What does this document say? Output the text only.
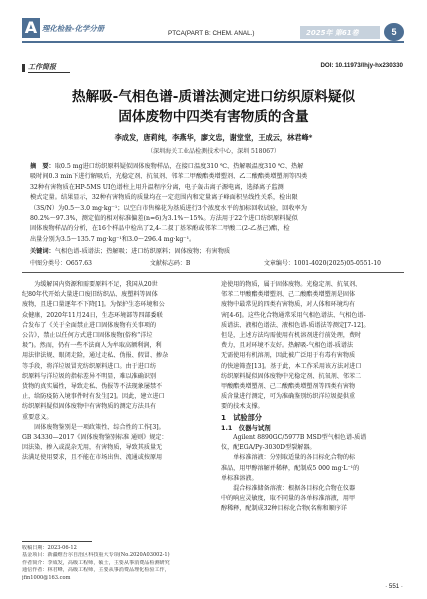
A 理化检验-化学分册
PTCA(PART B: CHEM. ANAL.)	2025年 第61卷	5
工作简报	DOI: 10.11973/lhjy-hx230330
热解吸-气相色谱-质谱法测定进口纺织原料疑似
固体废物中四类有害物质的含量
李成发，唐莉纯，李燕华，廖文忠，谢堂堂，王成云，林君峰*
（深圳海关工业品检测技术中心，深圳 518067）
摘　要：取0.5 mg进口纺织原料疑似固体废物样品，在接口温度310 ℃、热解吸温度310 ℃、热解
吸时间0.3 min下进行解吸后，光稳定剂、抗氧剂、邻苯二甲酸酯类增塑剂、乙二酸酯类增塑剂等四类
32种有害物质在HP-5MS UI色谱柱上用升温程序分离，电子轰击离子源电离，选择离子监测
模式定量。结果显示，32种有害物质的质量均在一定范围内和定量离子峰面积呈线性关系，检出限
（3S/N）为0.5～3.0 mg·kg⁻¹；以空白市售棉花为基质进行3个浓度水平的加标回收试验，回收率为
80.2%～97.3%，测定值的相对标准偏差(n=6)为3.1%～15%。方法用于22个进口纺织原料疑似
固体废物样品的分析，在16个样品中检出了2,4-二叔丁基苯酚或邻苯二甲酸二(2-乙基己)酯，检
出量分别为3.5～135.7 mg·kg⁻¹和3.0～296.4 mg·kg⁻¹。
关键词：气相色谱-质谱法；热解吸；进口纺织原料；固体废物；有害物质
中图分类号：O657.63	文献标志码：B	文章编号：1001-4020(2025)05-0551-10
　　为缓解国内资源和需要原料不足，我国从20世
纪80年代开始大量进口废旧纺织品、废塑料等固体
废物，且进口量逐年不下降[1]。为保护生态环境和公
众健康，2020年11月24日，生态环境部等四部委联
合发布了《关于全面禁止进口固体废物有关事项的
公告》，禁止以任何方式进口固体废物(俗称“洋垃
圾”)。然而，仍有一些不法商人为牟取高额利润，利
用法律法规、眼闭走险，通过走私、伪报、假冒、掺杂
等手段，将洋垃圾冒充纺织原料进口。由于进口纺
织原料与洋垃圾的指标差异不明显，难以准确识别
货物的真实属性，导致走私、伪报等不法现象屡禁不
止，给防疫防入境事件时有发生[2]。因此，建立进口
纺织原料疑似固体废物中有害物质的测定方法具有
重要意义。
　　固体废物鉴别是一项政策性、综合性的工作[3]。
GB 34330—2017《固体废物鉴别标准 通则》规定：
因法染、掺入或混杂无用，有害物质，导致其质量无
法满足使用要求，且不能在市场出售、流通或按原用
收稿日期：2023-06-12
基金项目：新疆维吾尔自治区科技重大专项(No.2020A03002-1)
作者简介：李成发，高级工程师，硕士，主要从事消费品检测研究
通信作者：林君峰，高级工程师，主要从事消费品理化检验工作，
jfin1000@163.com
途使用的物质，属于固体废物。光稳定剂、抗氧剂、
邻苯二甲酸酯类增塑剂、己二酸酯类增塑剂是固体
废物中最常见的四类有害物质，对人体和环境均有
害[4-6]。这些化合物通常采用气相色谱法、气相色谱-
质谱法、液相色谱法、液相色谱-质谱法等测定[7-12]。
但是，上述方法均需使用有机溶剂进行前处理，费时
费力，且对环境不友好。热解吸-气相色谱-质谱法
无需使用有机溶剂，因此被广泛用于有毒有害物质
的快速筛查[13]。基于此，本工作采用该方法对进口
纺织原料疑似固体废物中光稳定剂、抗氧剂、邻苯二
甲酸酯类增塑剂、己二酸酯类增塑剂等四类有害物
质含量进行测定，可为准确鉴别纺织洋垃圾提供重
要的技术支撑。
1　试验部分
1.1　仪器与试剂
　　Agilent 8890GC/5977B MSD型气相色谱-质谱
仪，配EGA/Py-3030D型裂解器。
　　单标准溶液：分别取适量的各目标化合物的标
准品，用甲醇溶解并稀释，配制成5 000 mg·L⁻¹的
单标准溶液。
　　混合标准储备溶液：根据各目标化合物在仪器
中的响应灵敏度，取不同量的各单标准溶液，用甲
醇稀释，配制成32种目标化合物(名称和顺序详
· 551 ·
